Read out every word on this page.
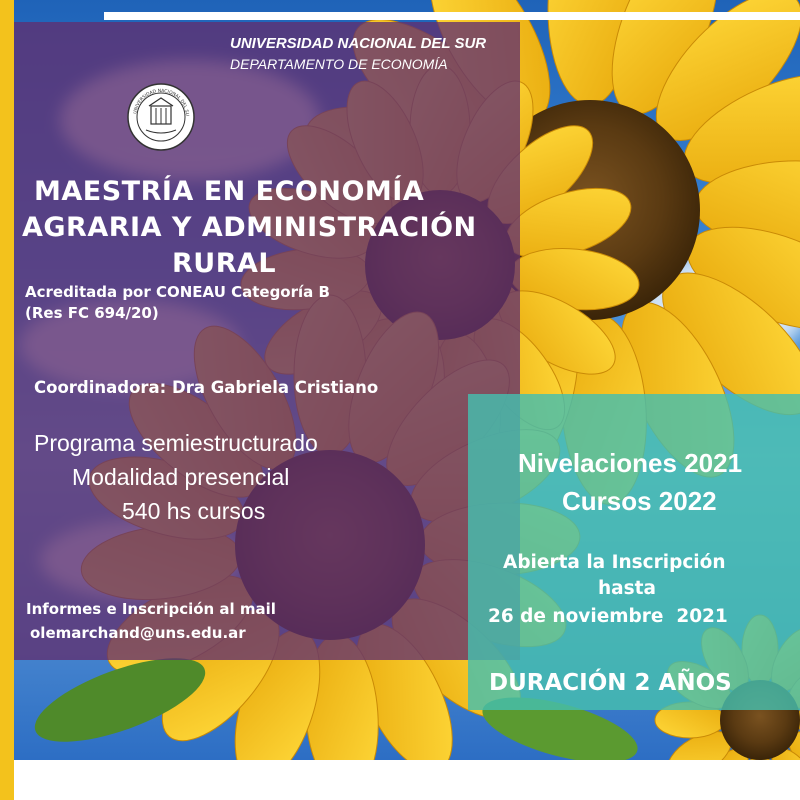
UNIVERSIDAD NACIONAL DEL SUR
DEPARTAMENTO DE ECONOMÍA
UNIVERSIDAD NACIONAL DEL SU
MAESTRÍA EN ECONOMÍA
AGRARIA Y ADMINISTRACIÓN
RURAL
Acreditada por CONEAU Categoría B
(Res FC 694/20)
Coordinadora: Dra Gabriela Cristiano
Programa semiestructurado
Modalidad presencial
540 hs cursos
Informes e Inscripción al mail
olemarchand@uns.edu.ar
Nivelaciones 2021
Cursos 2022
Abierta la Inscripción
hasta
26 de noviembre  2021
DURACIÓN 2 AÑOS
